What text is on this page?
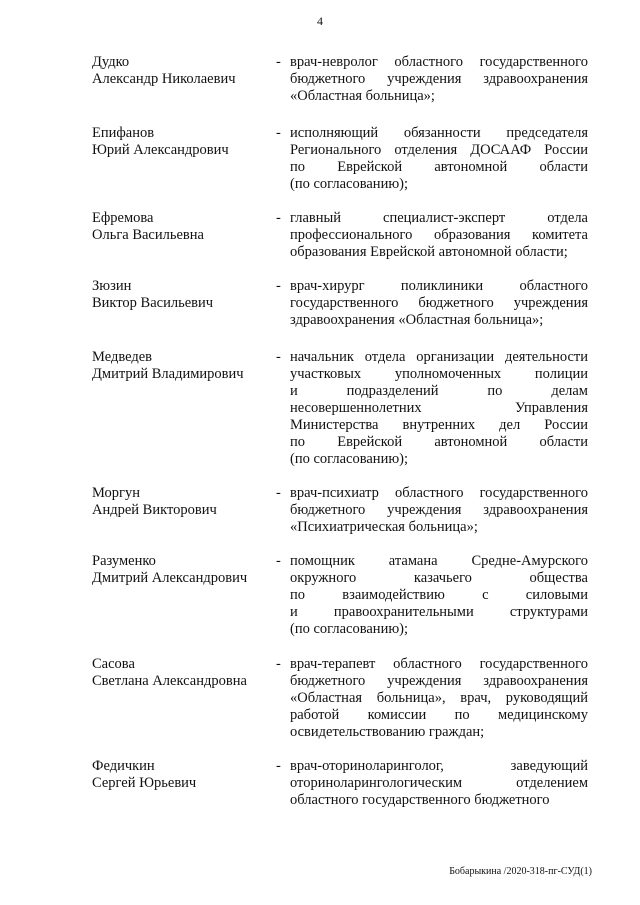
4
Дудко
Александр Николаевич
- врач-невролог областного государственного
бюджетного учреждения здравоохранения
«Областная больница»;
Епифанов
Юрий Александрович
- исполняющий обязанности председателя
Регионального отделения ДОСААФ России
по Еврейской автономной области
(по согласованию);
Ефремова
Ольга Васильевна
- главный специалист-эксперт отдела
профессионального образования комитета
образования Еврейской автономной области;
Зюзин
Виктор Васильевич
- врач-хирург поликлиники областного
государственного бюджетного учреждения
здравоохранения «Областная больница»;
Медведев
Дмитрий Владимирович
- начальник отдела организации деятельности
участковых уполномоченных полиции
и подразделений по делам
несовершеннолетних Управления
Министерства внутренних дел России
по Еврейской автономной области
(по согласованию);
Моргун
Андрей Викторович
- врач-психиатр областного государственного
бюджетного учреждения здравоохранения
«Психиатрическая больница»;
Разуменко
Дмитрий Александрович
- помощник атамана Средне-Амурского
окружного казачьего общества
по взаимодействию с силовыми
и правоохранительными структурами
(по согласованию);
Сасова
Светлана Александровна
- врач-терапевт областного государственного
бюджетного учреждения здравоохранения
«Областная больница», врач, руководящий
работой комиссии по медицинскому
освидетельствованию граждан;
Федичкин
Сергей Юрьевич
- врач-оториноларинголог, заведующий
оториноларингологическим отделением
областного государственного бюджетного
Бобарыкина /2020-318-пг-СУД(1)
